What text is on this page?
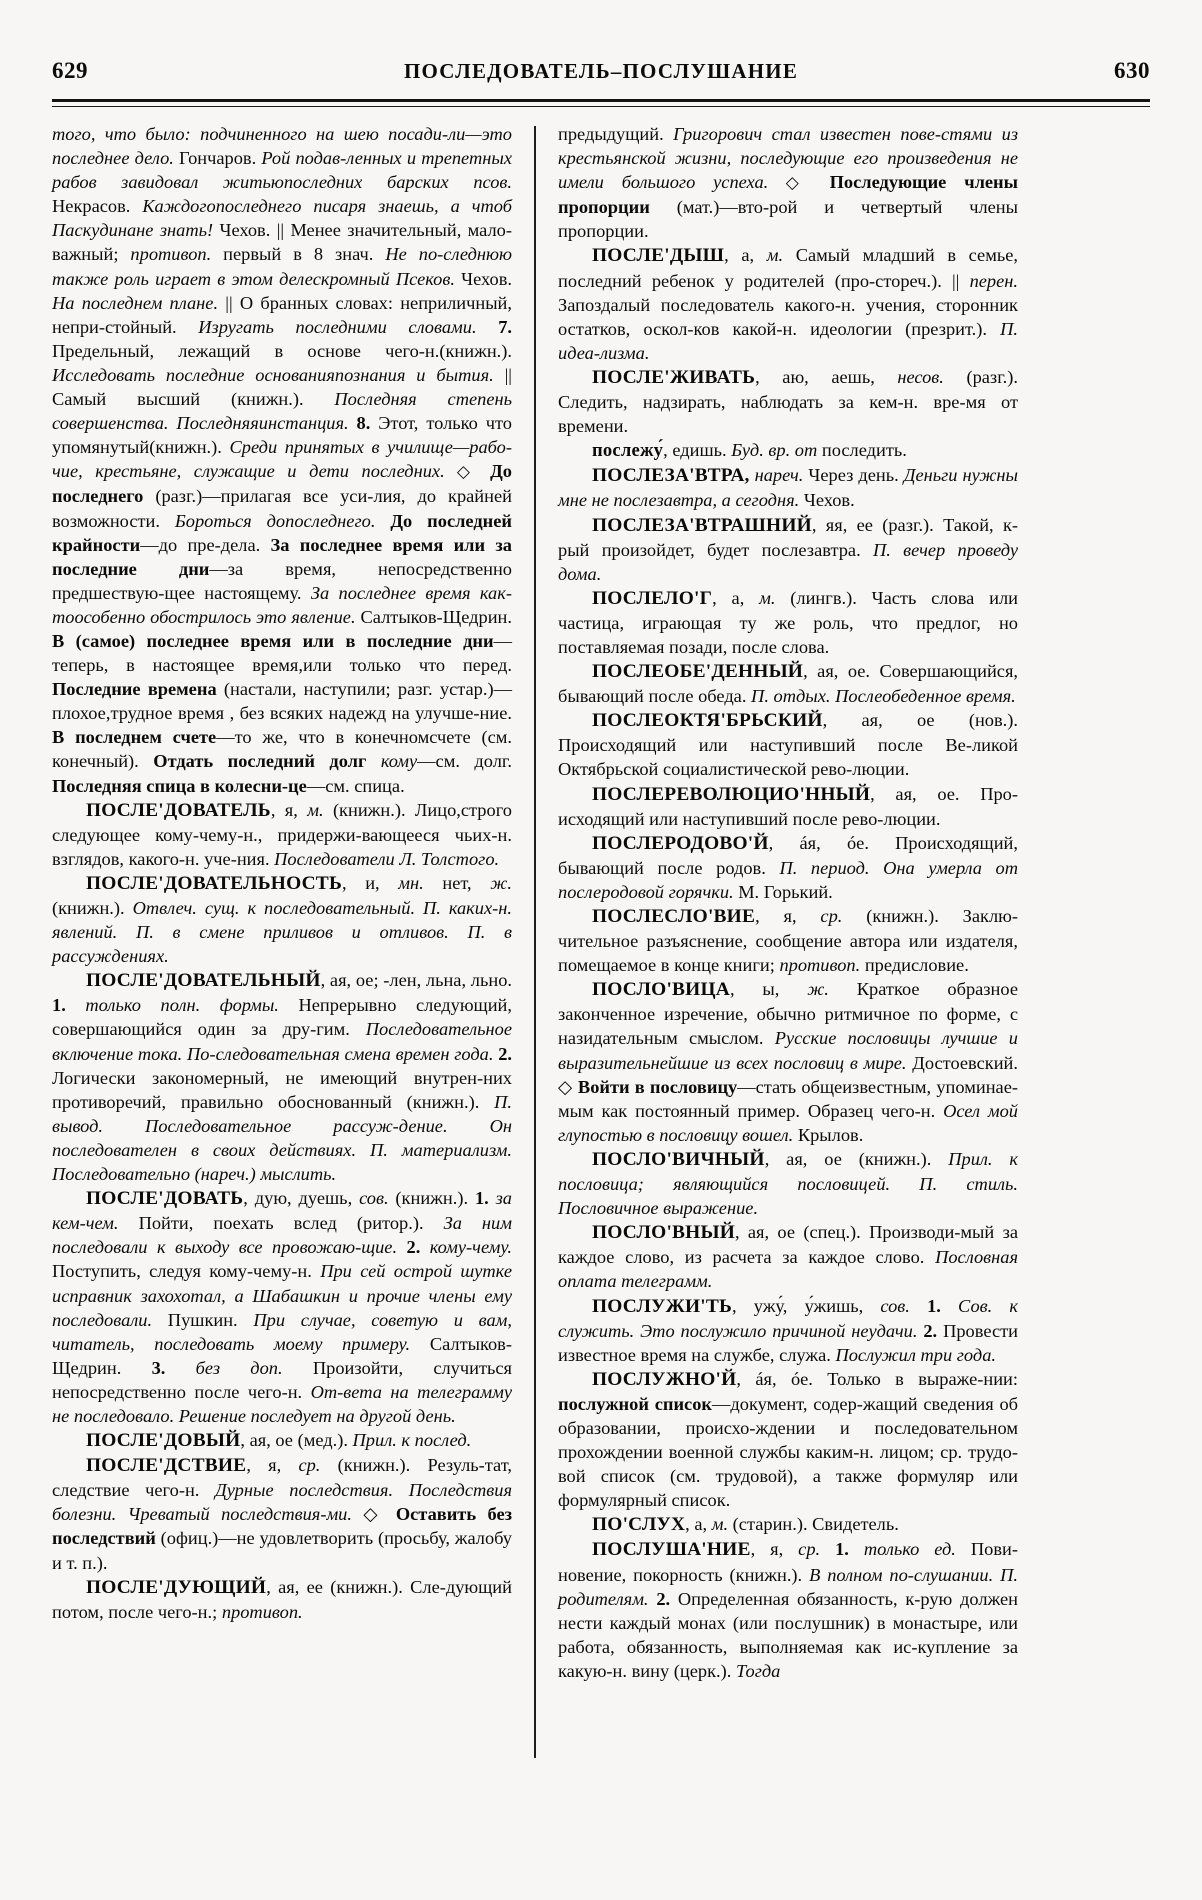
629	ПОСЛЕДОВАТЕЛЬ–ПОСЛУШАНИЕ	630

того, что было: подчиненного на шею посади-ли—это последнее дело. Гончаров. Рой подав-ленных и трепетных рабов завидовал житьюпоследних барских псов. Некрасов. Каждогопоследнего писаря знаешь, а чтоб Паскудинане знать! Чехов. || Менее значительный, мало-важный; противоп. первый в 8 знач. Не по-следнюю также роль играет в этом делескромный Псеков. Чехов. На последнем плане. || О бранных словах: неприличный, непри-стойный. Изругать последними словами. 7. Предельный, лежащий в основе чего-н.(книжн.). Исследовать последние основанияпознания и бытия. || Самый высший (книжн.). Последняя степень совершенства. Последняяинстанция. 8. Этот, только что упомянутый(книжн.). Среди принятых в училище—рабо-чие, крестьяне, служащие и дети последних. ◇ До последнего (разг.)—прилагая все уси-лия, до крайней возможности. Бороться допоследнего. До последней крайности—до пре-дела. За последнее время или за последние дни—за время, непосредственно предшествую-щее настоящему. За последнее время как-тоособенно обострилось это явление. Салтыков-Щедрин. В (самое) последнее время или в последние дни—теперь, в настоящее время,или только что перед. Последние времена (настали, наступили; разг. устар.)—плохое,трудное время , без всяких надежд на улучше-ние. В последнем счете—то же, что в конечномсчете (см. конечный). Отдать последний долг кому—см. долг. Последняя спица в колесни-це—см. спица.

ПОСЛЕ'ДОВАТЕЛЬ, я, м. (книжн.). Лицо,строго следующее кому-чему-н., придержи-вающееся чьих-н. взглядов, какого-н. уче-ния. Последователи Л. Толстого.

ПОСЛЕ'ДОВАТЕЛЬНОСТЬ, и, мн. нет, ж. (книжн.). Отвлеч. сущ. к последовательный. П. каких-н. явлений. П. в смене приливов и отливов. П. в рассуждениях.

ПОСЛЕ'ДОВАТЕЛЬНЫЙ, ая, ое; -лен, льна, льно. 1. только полн. формы. Непрерывно следующий, совершающийся один за дру-гим. Последовательное включение тока. По-следовательная смена времен года. 2. Логически закономерный, не имеющий внутрен-них противоречий, правильно обоснованный (книжн.). П. вывод. Последовательное рассуж-дение. Он последователен в своих действиях. П. материализм. Последовательно (нареч.) мыслить.

ПОСЛЕ'ДОВАТЬ, дую, дуешь, сов. (книжн.). 1. за кем-чем. Пойти, поехать вслед (ритор.). За ним последовали к выходу все провожаю-щие. 2. кому-чему. Поступить, следуя кому-чему-н. При сей острой шутке исправник захохотал, а Шабашкин и прочие члены ему последовали. Пушкин. При случае, советую и вам, читатель, последовать моему примеру. Салтыков-Щедрин. 3. без доп. Произойти, случиться непосредственно после чего-н. От-вета на телеграмму не последовало. Решение последует на другой день.

ПОСЛЕ'ДОВЫЙ, ая, ое (мед.). Прил. к послед.

ПОСЛЕ'ДСТВИЕ, я, ср. (книжн.). Резуль-тат, следствие чего-н. Дурные последствия. Последствия болезни. Чреватый последствия-ми. ◇ Оставить без последствий (офиц.)—не удовлетворить (просьбу, жалобу и т. п.).

ПОСЛЕ'ДУЮЩИЙ, ая, ее (книжн.). Сле-дующий потом, после чего-н.; противоп.

предыдущий. Григорович стал известен пове-стями из крестьянской жизни, последующие его произведения не имели большого успеха. ◇ Последующие члены пропорции (мат.)—вто-рой и четвертый члены пропорции.

ПОСЛЕ'ДЫШ, а, м. Самый младший в семье, последний ребенок у родителей (про-стореч.). || перен. Запоздалый последователь какого-н. учения, сторонник остатков, оскол-ков какой-н. идеологии (презрит.). П. идеа-лизма.

ПОСЛЕ'ЖИВАТЬ, аю, аешь, несов. (разг.). Следить, надзирать, наблюдать за кем-н. вре-мя от времени.

послежу́, едишь. Буд. вр. от последить.

ПОСЛЕЗА'ВТРА, нареч. Через день. Деньги нужны мне не послезавтра, а сегодня. Чехов.

ПОСЛЕЗА'ВТРАШНИЙ, яя, ее (разг.). Такой, к-рый произойдет, будет послезавтра. П. вечер проведу дома.

ПОСЛЕЛО'Г, а, м. (лингв.). Часть слова или частица, играющая ту же роль, что предлог, но поставляемая позади, после слова.

ПОСЛЕОБЕ'ДЕННЫЙ, ая, ое. Совершающийся, бывающий после обеда. П. отдых. Послеобеденное время.

ПОСЛЕОКТЯ'БРЬСКИЙ, ая, ое (нов.). Происходящий или наступивший после Ве-ликой Октябрьской социалистической рево-люции.

ПОСЛЕРЕВОЛЮЦИО'ННЫЙ, ая, ое. Про-исходящий или наступивший после рево-люции.

ПОСЛЕРОДОВО'Й, áя, óе. Происходящий, бывающий после родов. П. период. Она умерла от послеродовой горячки. М. Горький.

ПОСЛЕСЛО'ВИЕ, я, ср. (книжн.). Заклю-чительное разъяснение, сообщение автора или издателя, помещаемое в конце книги; противоп. предисловие.

ПОСЛО'ВИЦА, ы, ж. Краткое образное законченное изречение, обычно ритмичное по форме, с назидательным смыслом. Русские пословицы лучшие и выразительнейшие из всех пословиц в мире. Достоевский. ◇ Войти в пословицу—стать общеизвестным, упоминае-мым как постоянный пример. Образец чего-н. Осел мой глупостью в пословицу вошел. Крылов.

ПОСЛО'ВИЧНЫЙ, ая, ое (книжн.). Прил. к пословица; являющийся пословицей. П. стиль. Пословичное выражение.

ПОСЛО'ВНЫЙ, ая, ое (спец.). Производи-мый за каждое слово, из расчета за каждое слово. Пословная оплата телеграмм.

ПОСЛУЖИ'ТЬ, ужу́, у́жишь, сов. 1. Сов. к служить. Это послужило причиной неудачи. 2. Провести известное время на службе, служа. Послужил три года.

ПОСЛУЖНО'Й, áя, óе. Только в выраже-нии: послужной список—документ, содер-жащий сведения об образовании, происхо-ждении и последовательном прохождении военной службы каким-н. лицом; ср. трудо-вой список (см. трудовой), а также формуляр или формулярный список.

ПО'СЛУХ, а, м. (старин.). Свидетель.

ПОСЛУША'НИЕ, я, ср. 1. только ед. Пови-новение, покорность (книжн.). В полном по-слушании. П. родителям. 2. Определенная обязанность, к-рую должен нести каждый монах (или послушник) в монастыре, или работа, обязанность, выполняемая как ис-купление за какую-н. вину (церк.). Тогда
